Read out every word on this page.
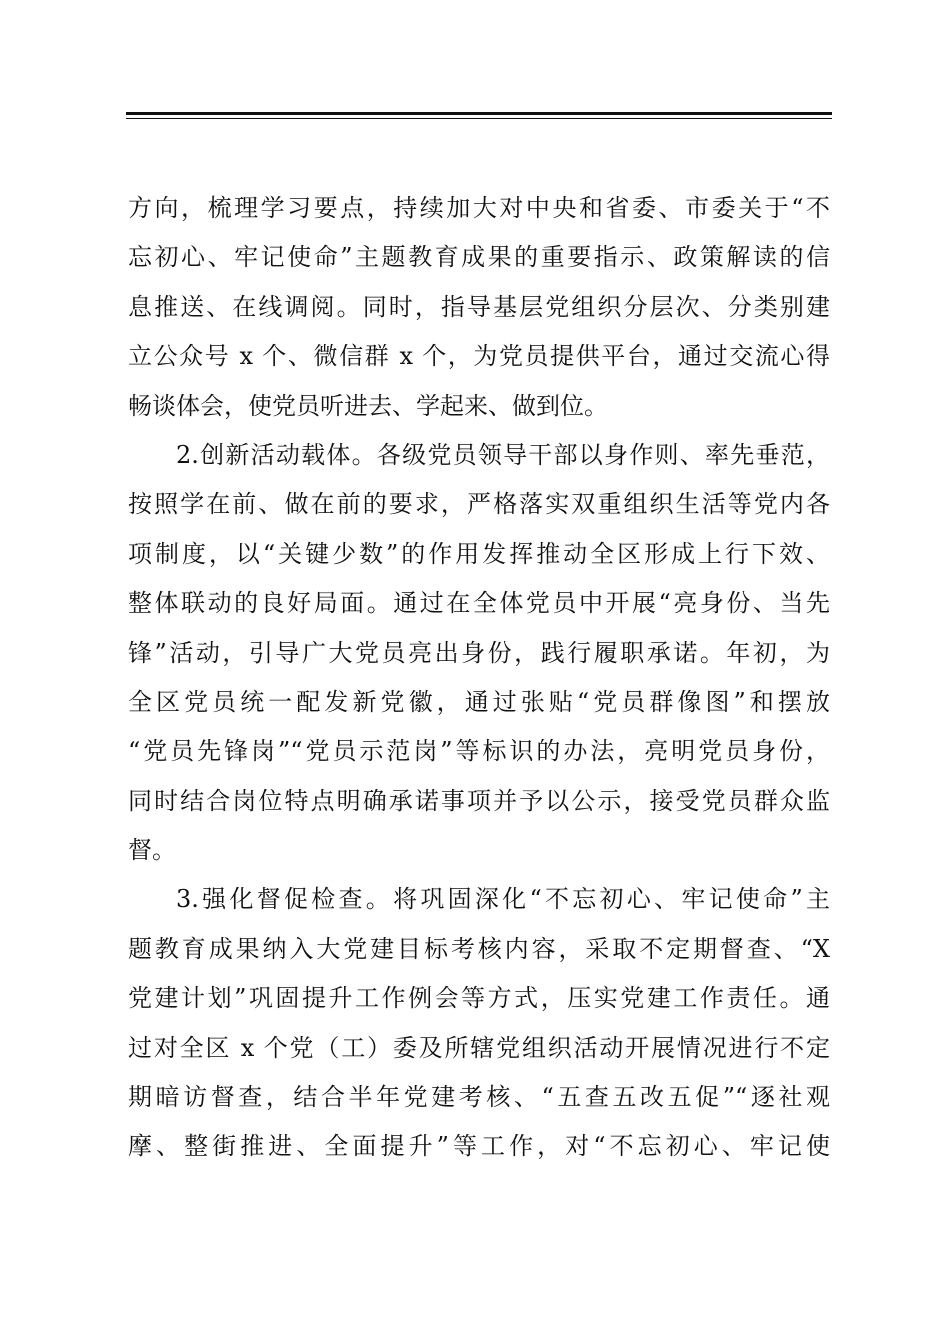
方向，梳理学习要点，持续加大对中央和省委、市委关于“不
忘初心、牢记使命”主题教育成果的重要指示、政策解读的信
息推送、在线调阅。同时，指导基层党组织分层次、分类别建
立公众号 x 个、微信群 x 个，为党员提供平台，通过交流心得
畅谈体会，使党员听进去、学起来、做到位。
2.创新活动载体。各级党员领导干部以身作则、率先垂范，
按照学在前、做在前的要求，严格落实双重组织生活等党内各
项制度，以“关键少数”的作用发挥推动全区形成上行下效、
整体联动的良好局面。通过在全体党员中开展“亮身份、当先
锋”活动，引导广大党员亮出身份，践行履职承诺。年初，为
全区党员统一配发新党徽，通过张贴“党员群像图”和摆放
“党员先锋岗”“党员示范岗”等标识的办法，亮明党员身份，
同时结合岗位特点明确承诺事项并予以公示，接受党员群众监
督。
3.强化督促检查。将巩固深化“不忘初心、牢记使命”主
题教育成果纳入大党建目标考核内容，采取不定期督查、“X
党建计划”巩固提升工作例会等方式，压实党建工作责任。通
过对全区 x 个党（工）委及所辖党组织活动开展情况进行不定
期暗访督查，结合半年党建考核、“五查五改五促”“逐社观
摩、整街推进、全面提升”等工作，对“不忘初心、牢记使
